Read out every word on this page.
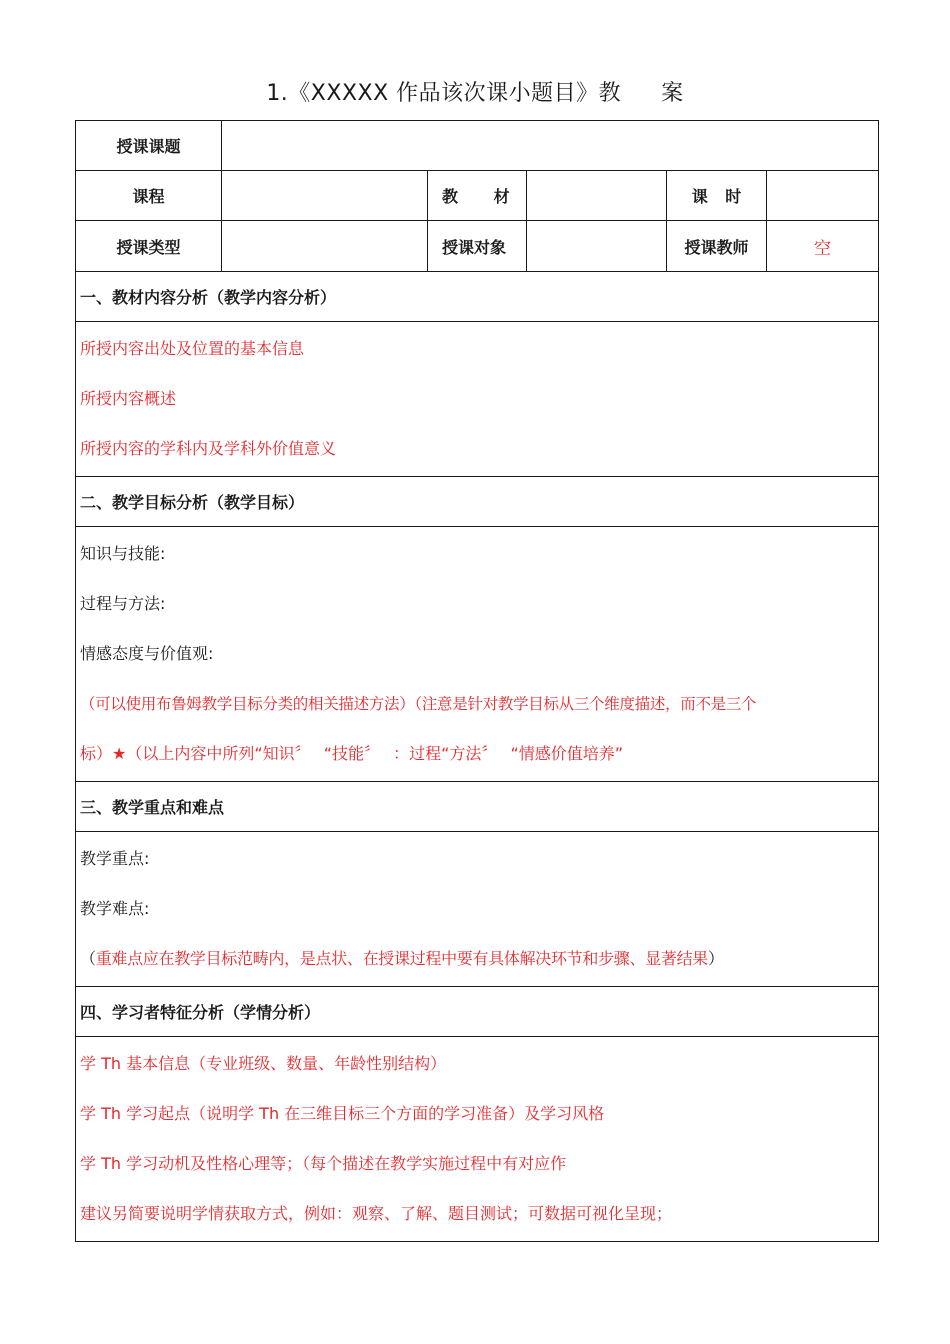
1.《XXXXX 作品该次课小题目》教 案
授课课题					
课程		教 材		课 时	
授课类型		授课对象		授课教师	空
一、教材内容分析（教学内容分析）					

所授内容出处及位置的基本信息
所授内容概述
所授内容的学科内及学科外价值意义					

二、教学目标分析（教学目标）					

知识与技能:
过程与方法:
情感态度与价值观:
（可以使用布鲁姆教学目标分类的相关描述方法）（注意是针对教学目标从三个维度描述，而不是三个
标）★（以上内容中所列“知识〞 “技能〞 ：过程“方法〞 “情感价值培养”					

三、教学重点和难点					

教学重点:
教学难点:
（重难点应在教学目标范畴内，是点状、在授课过程中要有具体解决环节和步骤、显著结果）					

四、学习者特征分析（学情分析）					

学 Th 基本信息（专业班级、数量、年龄性别结构）
学 Th 学习起点（说明学 Th 在三维目标三个方面的学习准备）及学习风格
学 Th 学习动机及性格心理等；（每个描述在教学实施过程中有对应作
建议另简要说明学情获取方式，例如：观察、了解、题目测试；可数据可视化呈现；					
